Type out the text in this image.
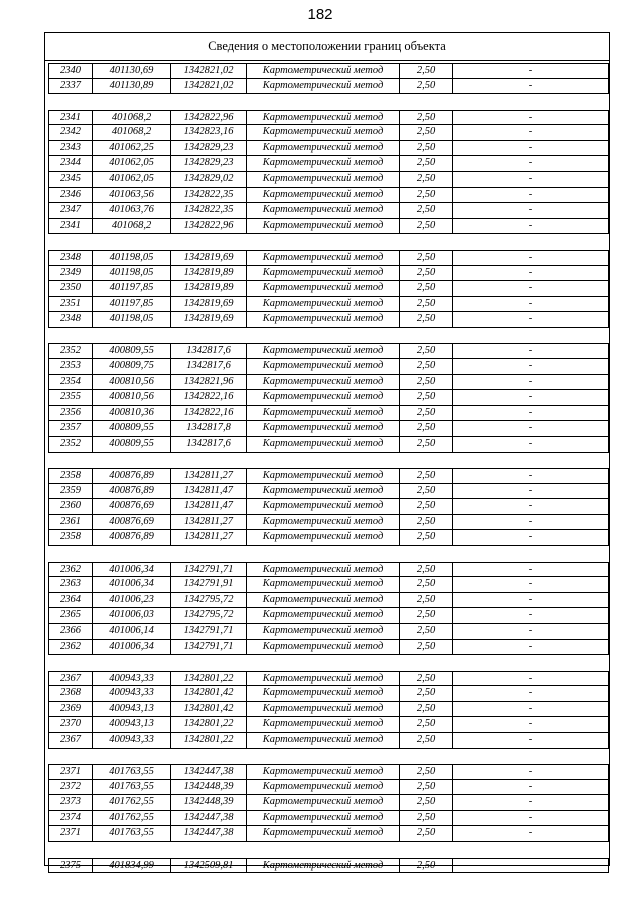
182
Сведения о местоположении границ объекта
2340	401130,69	1342821,02	Картометрический метод	2,50	-
2337	401130,89	1342821,02	Картометрический метод	2,50	-
2341	401068,2	1342822,96	Картометрический метод	2,50	-
2342	401068,2	1342823,16	Картометрический метод	2,50	-
2343	401062,25	1342829,23	Картометрический метод	2,50	-
2344	401062,05	1342829,23	Картометрический метод	2,50	-
2345	401062,05	1342829,02	Картометрический метод	2,50	-
2346	401063,56	1342822,35	Картометрический метод	2,50	-
2347	401063,76	1342822,35	Картометрический метод	2,50	-
2341	401068,2	1342822,96	Картометрический метод	2,50	-
2348	401198,05	1342819,69	Картометрический метод	2,50	-
2349	401198,05	1342819,89	Картометрический метод	2,50	-
2350	401197,85	1342819,89	Картометрический метод	2,50	-
2351	401197,85	1342819,69	Картометрический метод	2,50	-
2348	401198,05	1342819,69	Картометрический метод	2,50	-
2352	400809,55	1342817,6	Картометрический метод	2,50	-
2353	400809,75	1342817,6	Картометрический метод	2,50	-
2354	400810,56	1342821,96	Картометрический метод	2,50	-
2355	400810,56	1342822,16	Картометрический метод	2,50	-
2356	400810,36	1342822,16	Картометрический метод	2,50	-
2357	400809,55	1342817,8	Картометрический метод	2,50	-
2352	400809,55	1342817,6	Картометрический метод	2,50	-
2358	400876,89	1342811,27	Картометрический метод	2,50	-
2359	400876,89	1342811,47	Картометрический метод	2,50	-
2360	400876,69	1342811,47	Картометрический метод	2,50	-
2361	400876,69	1342811,27	Картометрический метод	2,50	-
2358	400876,89	1342811,27	Картометрический метод	2,50	-
2362	401006,34	1342791,71	Картометрический метод	2,50	-
2363	401006,34	1342791,91	Картометрический метод	2,50	-
2364	401006,23	1342795,72	Картометрический метод	2,50	-
2365	401006,03	1342795,72	Картометрический метод	2,50	-
2366	401006,14	1342791,71	Картометрический метод	2,50	-
2362	401006,34	1342791,71	Картометрический метод	2,50	-
2367	400943,33	1342801,22	Картометрический метод	2,50	-
2368	400943,33	1342801,42	Картометрический метод	2,50	-
2369	400943,13	1342801,42	Картометрический метод	2,50	-
2370	400943,13	1342801,22	Картометрический метод	2,50	-
2367	400943,33	1342801,22	Картометрический метод	2,50	-
2371	401763,55	1342447,38	Картометрический метод	2,50	-
2372	401763,55	1342448,39	Картометрический метод	2,50	-
2373	401762,55	1342448,39	Картометрический метод	2,50	-
2374	401762,55	1342447,38	Картометрический метод	2,50	-
2371	401763,55	1342447,38	Картометрический метод	2,50	-
2375	401834,99	1342509,81	Картометрический метод	2,50	-
